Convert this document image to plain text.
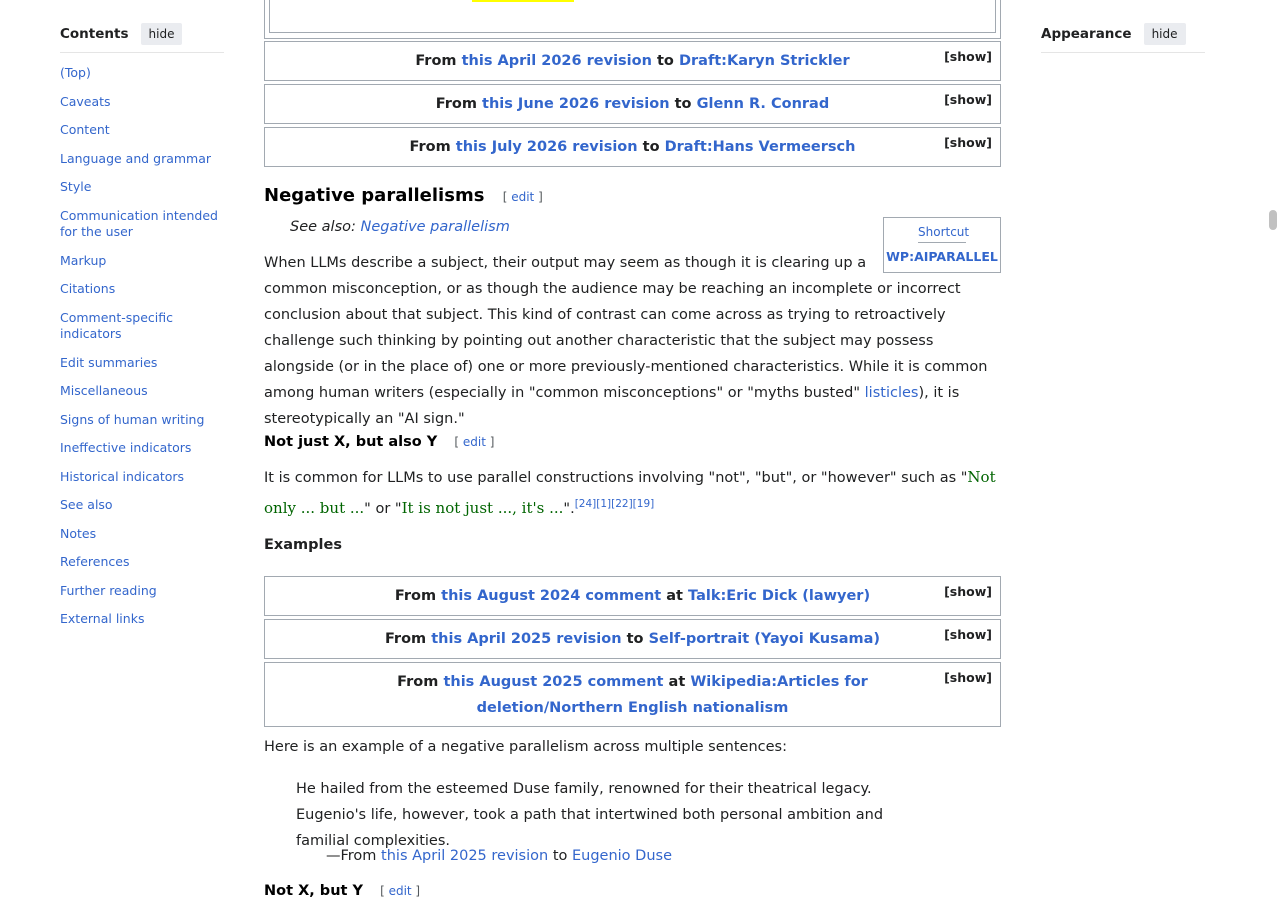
Contents	hide
(Top)
Caveats
Content
Language and grammar
Style
Communication intended for the user
Markup
Citations
Comment-specific indicators
Edit summaries
Miscellaneous
Signs of human writing
Ineffective indicators
Historical indicators
See also
Notes
References
Further reading
External links
Appearance	hide
From this April 2026 revision to Draft:Karyn Strickler	[show]
From this June 2026 revision to Glenn R. Conrad	[show]
From this July 2026 revision to Draft:Hans Vermeersch	[show]
Negative parallelisms [ edit ]
See also: Negative parallelism	Shortcut
WP:AIPARALLEL

When LLMs describe a subject, their output may seem as though it is clearing up a common misconception, or as though the audience may be reaching an incomplete or incorrect conclusion about that subject. This kind of contrast can come across as trying to retroactively challenge such thinking by pointing out another characteristic that the subject may possess alongside (or in the place of) one or more previously-mentioned characteristics. While it is common among human writers (especially in "common misconceptions" or "myths busted" listicles), it is stereotypically an "AI sign."

Not just X, but also Y [ edit ]

It is common for LLMs to use parallel constructions involving "not", "but", or "however" such as "Not only ... but ..." or "It is not just ..., it's ...".[24][1][22][19]

Examples
From this August 2024 comment at Talk:Eric Dick (lawyer)	[show]
From this April 2025 revision to Self-portrait (Yayoi Kusama)	[show]
From this August 2025 comment at Wikipedia:Articles for deletion/Northern English nationalism
[show]

Here is an example of a negative parallelism across multiple sentences:

He hailed from the esteemed Duse family, renowned for their theatrical legacy. Eugenio's life, however, took a path that intertwined both personal ambition and familial complexities.

—From this April 2025 revision to Eugenio Duse
Not X, but Y [ edit ]
